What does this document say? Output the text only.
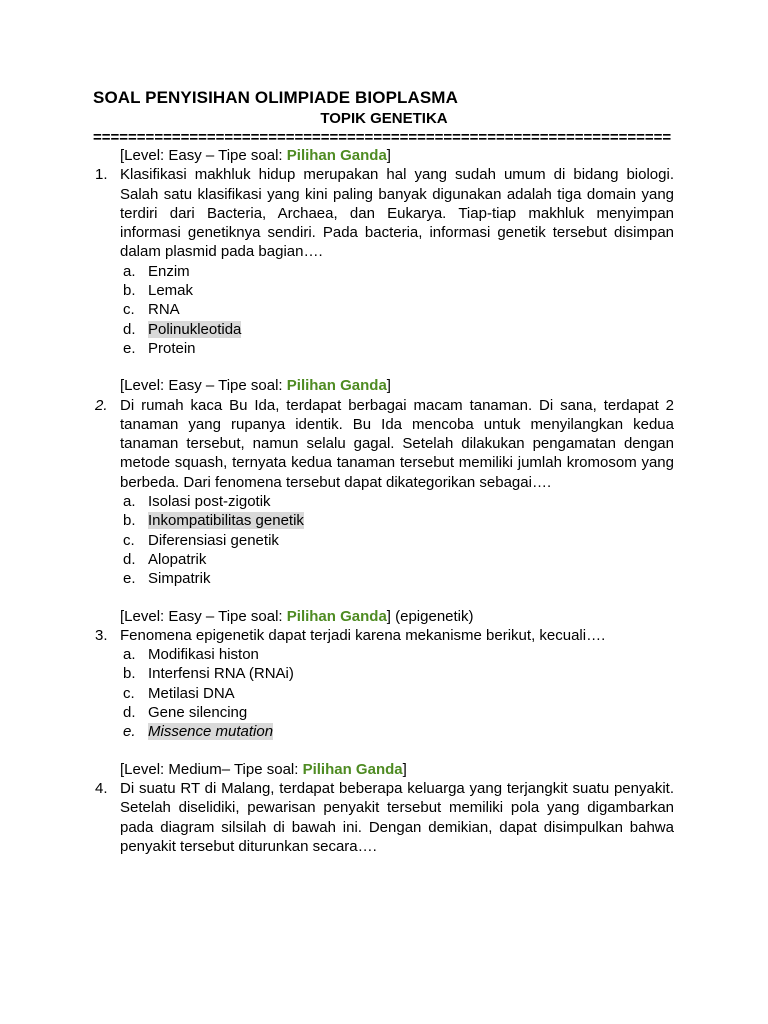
SOAL PENYISIHAN OLIMPIADE BIOPLASMA
TOPIK GENETIKA
==================================================================
[Level: Easy – Tipe soal: Pilihan Ganda]
1. Klasifikasi makhluk hidup merupakan hal yang sudah umum di bidang biologi. Salah satu klasifikasi yang kini paling banyak digunakan adalah tiga domain yang terdiri dari Bacteria, Archaea, dan Eukarya. Tiap-tiap makhluk menyimpan informasi genetiknya sendiri. Pada bacteria, informasi genetik tersebut disimpan dalam plasmid pada bagian….
a. Enzim
b. Lemak
c. RNA
d. Polinukleotida
e. Protein
[Level: Easy – Tipe soal: Pilihan Ganda]
2. Di rumah kaca Bu Ida, terdapat berbagai macam tanaman. Di sana, terdapat 2 tanaman yang rupanya identik. Bu Ida mencoba untuk menyilangkan kedua tanaman tersebut, namun selalu gagal. Setelah dilakukan pengamatan dengan metode squash, ternyata kedua tanaman tersebut memiliki jumlah kromosom yang berbeda. Dari fenomena tersebut dapat dikategorikan sebagai….
a. Isolasi post-zigotik
b. Inkompatibilitas genetik
c. Diferensiasi genetik
d. Alopatrik
e. Simpatrik
[Level: Easy – Tipe soal: Pilihan Ganda] (epigenetik)
3. Fenomena epigenetik dapat terjadi karena mekanisme berikut, kecuali….
a. Modifikasi histon
b. Interfensi RNA (RNAi)
c. Metilasi DNA
d. Gene silencing
e. Missence mutation
[Level: Medium– Tipe soal: Pilihan Ganda]
4. Di suatu RT di Malang, terdapat beberapa keluarga yang terjangkit suatu penyakit. Setelah diselidiki, pewarisan penyakit tersebut memiliki pola yang digambarkan pada diagram silsilah di bawah ini. Dengan demikian, dapat disimpulkan bahwa penyakit tersebut diturunkan secara….
